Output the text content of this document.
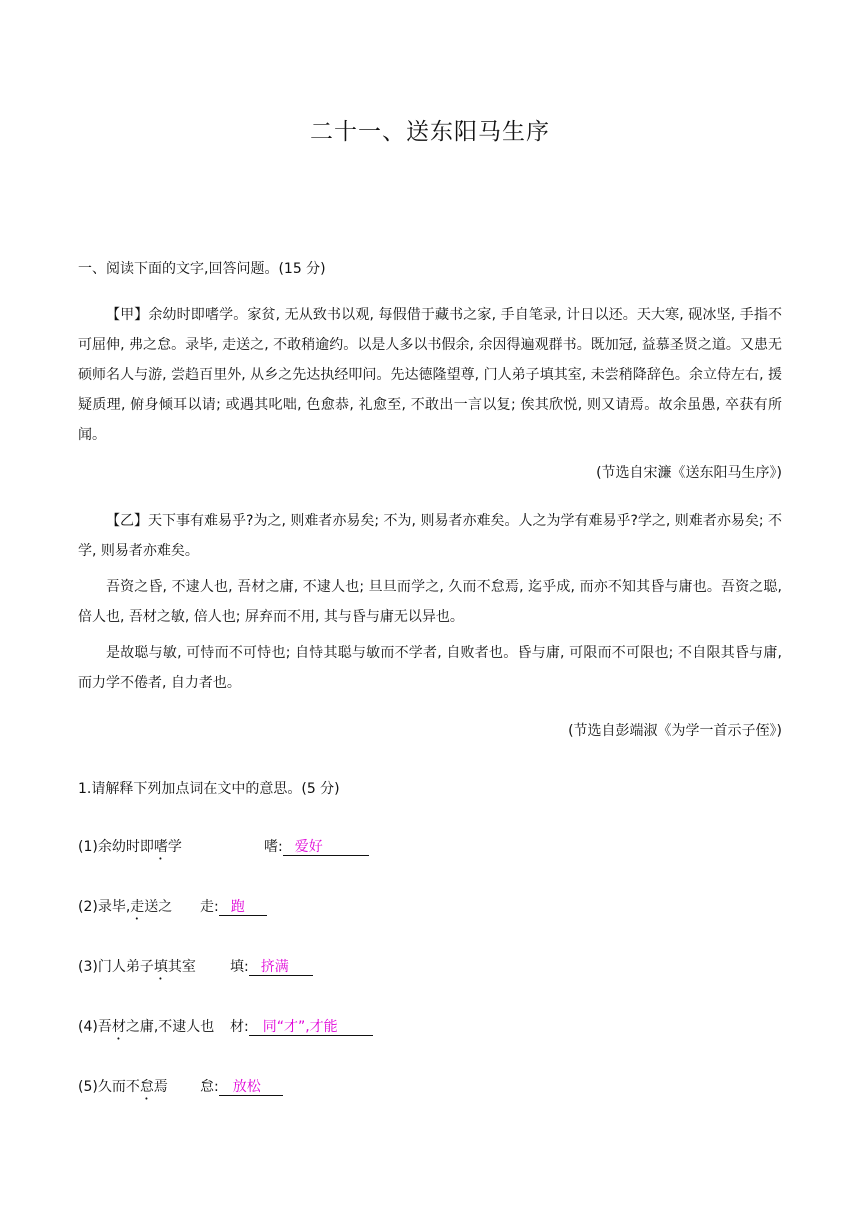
二十一、送东阳马生序
一、阅读下面的文字,回答问题。(15 分)
【甲】余幼时即嗜学。家贫, 无从致书以观, 每假借于藏书之家, 手自笔录, 计日以还。天大寒, 砚冰坚, 手指不可屈伸, 弗之怠。录毕, 走送之, 不敢稍逾约。以是人多以书假余, 余因得遍观群书。既加冠, 益慕圣贤之道。又患无硕师名人与游, 尝趋百里外, 从乡之先达执经叩问。先达德隆望尊, 门人弟子填其室, 未尝稍降辞色。余立侍左右, 援疑质理, 俯身倾耳以请; 或遇其叱咄, 色愈恭, 礼愈至, 不敢出一言以复; 俟其欣悦, 则又请焉。故余虽愚, 卒获有所闻。
(节选自宋濂《送东阳马生序》)
【乙】天下事有难易乎?为之, 则难者亦易矣; 不为, 则易者亦难矣。人之为学有难易乎?学之, 则难者亦易矣; 不学, 则易者亦难矣。
吾资之昏, 不逮人也, 吾材之庸, 不逮人也; 旦旦而学之, 久而不怠焉, 迄乎成, 而亦不知其昏与庸也。吾资之聪, 倍人也, 吾材之敏, 倍人也; 屏弃而不用, 其与昏与庸无以异也。
是故聪与敏, 可恃而不可恃也; 自恃其聪与敏而不学者, 自败者也。昏与庸, 可限而不可限也; 不自限其昏与庸, 而力学不倦者, 自力者也。
(节选自彭端淑《为学一首示子侄》)
1.请解释下列加点词在文中的意思。(5 分)
(1)余幼时即嗜学	嗜: 爱好
(2)录毕,走送之 走: 跑
(3)门人弟子填其室 填: 挤满
(4)吾材之庸,不逮人也 材: 同“才”,才能
(5)久而不怠焉 怠: 放松
